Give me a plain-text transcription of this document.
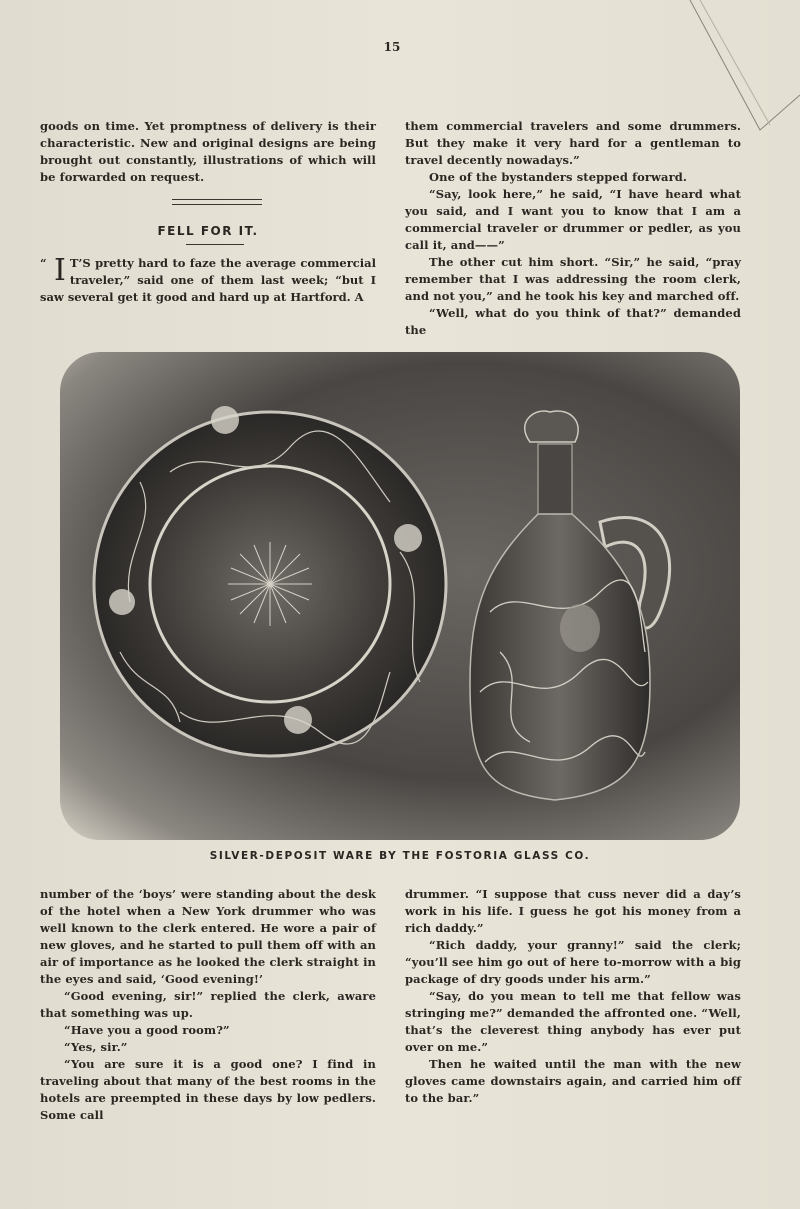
15

goods on time. Yet promptness of delivery is their characteristic. New and original designs are being brought out constantly, illustrations of which will be forwarded on request.

FELL FOR IT.
“ I T’S pretty hard to faze the average commercial traveler,” said one of them last week; “but I saw several get it good and hard up at Hartford. A

them commercial travelers and some drummers. But they make it very hard for a gentleman to travel decently nowadays.”

One of the bystanders stepped forward.

“Say, look here,” he said, “I have heard what you said, and I want you to know that I am a commercial traveler or drummer or pedler, as you call it, and——”

The other cut him short. “Sir,” he said, “pray remember that I was addressing the room clerk, and not you,” and he took his key and marched off.

“Well, what do you think of that?” demanded the

SILVER-DEPOSIT WARE BY THE FOSTORIA GLASS CO.

number of the ‘boys’ were standing about the desk of the hotel when a New York drummer who was well known to the clerk entered. He wore a pair of new gloves, and he started to pull them off with an air of importance as he looked the clerk straight in the eyes and said, ‘Good evening!’

“Good evening, sir!” replied the clerk, aware that something was up.

“Have you a good room?”

“Yes, sir.”

“You are sure it is a good one? I find in traveling about that many of the best rooms in the hotels are preempted in these days by low pedlers. Some call

drummer. “I suppose that cuss never did a day’s work in his life. I guess he got his money from a rich daddy.”

“Rich daddy, your granny!” said the clerk; “you’ll see him go out of here to-morrow with a big package of dry goods under his arm.”

“Say, do you mean to tell me that fellow was stringing me?” demanded the affronted one. “Well, that’s the cleverest thing anybody has ever put over on me.”

Then he waited until the man with the new gloves came downstairs again, and carried him off to the bar.”
